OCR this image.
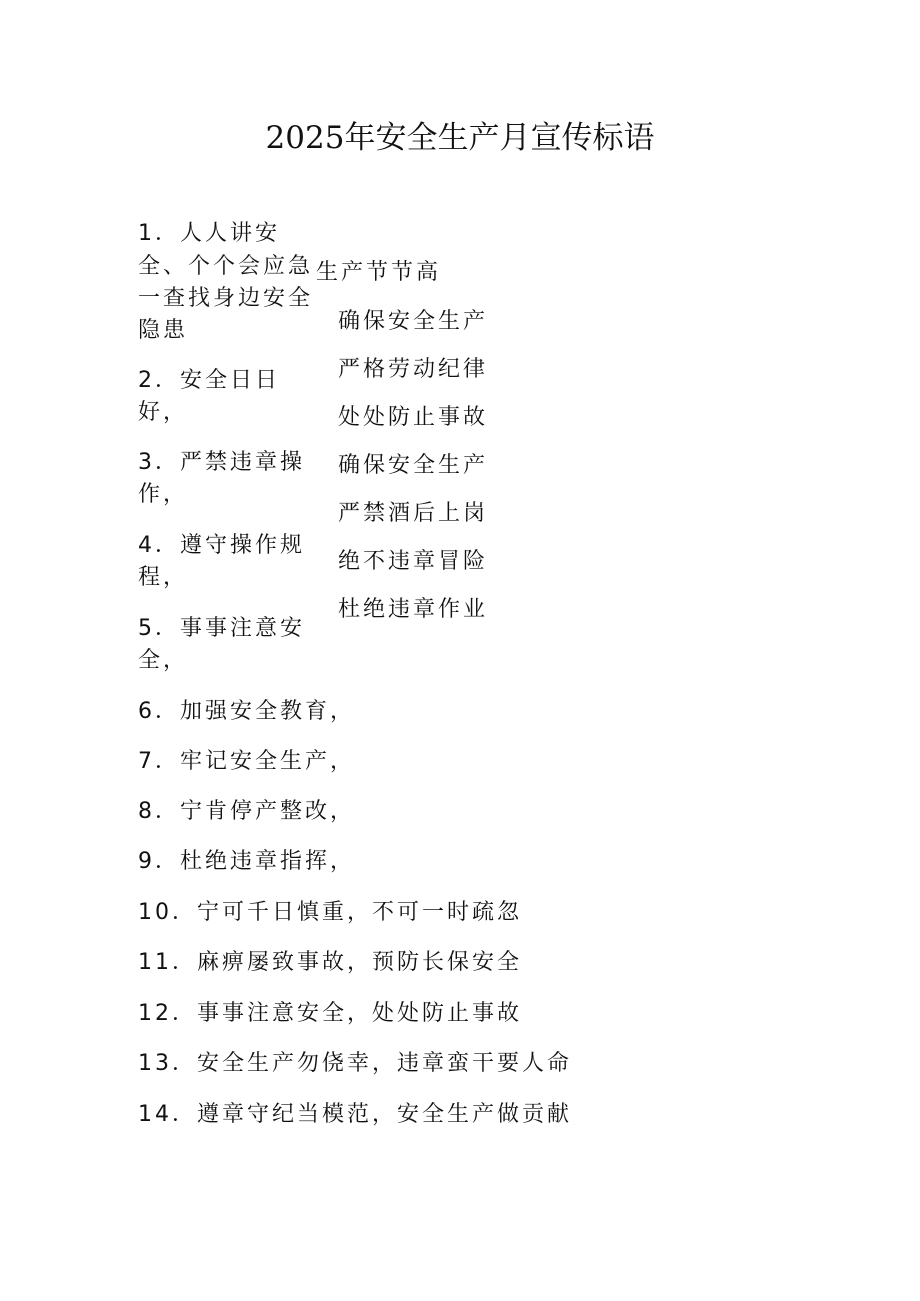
2025年安全生产月宣传标语
1．人人讲安
全、个个会应急
一查找身边安全
隐患
2．安全日日
好，
3．严禁违章操
作，
4．遵守操作规
程，
5．事事注意安
全，
生产节节高
确保安全生产
严格劳动纪律
处处防止事故
确保安全生产
严禁酒后上岗
绝不违章冒险
杜绝违章作业
6．加强安全教育，
7．牢记安全生产，
8．宁肯停产整改，
9．杜绝违章指挥，
10．宁可千日慎重，不可一时疏忽
11．麻痹屡致事故，预防长保安全
12．事事注意安全，处处防止事故
13．安全生产勿侥幸，违章蛮干要人命
14．遵章守纪当模范，安全生产做贡献
